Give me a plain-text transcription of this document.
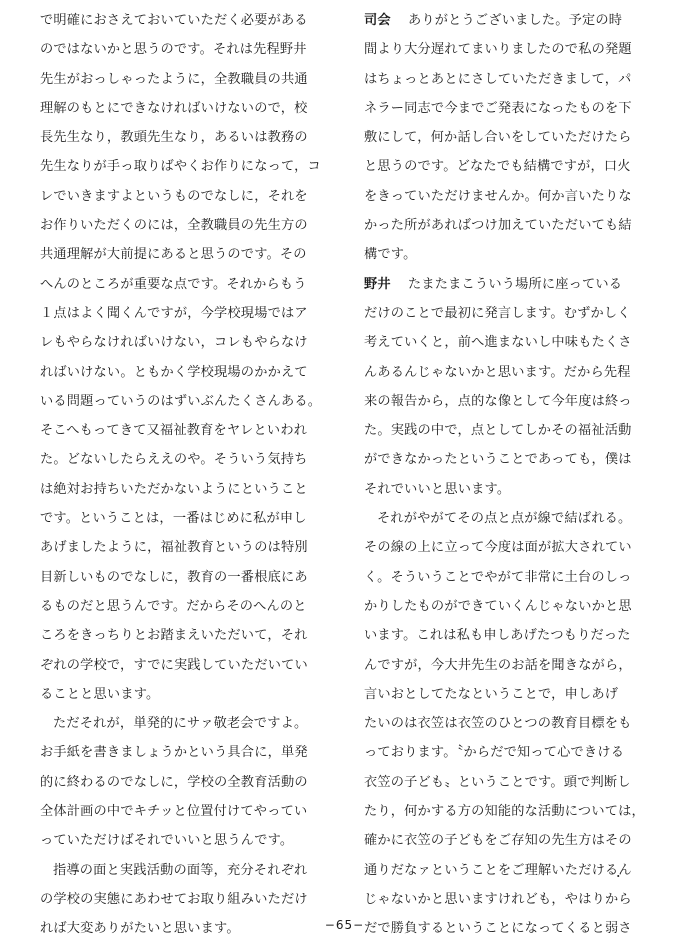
で明確におさえておいていただく必要がある
のではないかと思うのです。それは先程野井
先生がおっしゃったように，全教職員の共通
理解のもとにできなければいけないので，校
長先生なり，教頭先生なり，あるいは教務の
先生なりが手っ取りばやくお作りになって，コ
レでいきますよというものでなしに，それを
お作りいただくのには，全教職員の先生方の
共通理解が大前提にあると思うのです。その
へんのところが重要な点です。それからもう
１点はよく聞くんですが，今学校現場ではア
レもやらなければいけない，コレもやらなけ
ればいけない。ともかく学校現場のかかえて
いる問題っていうのはずいぶんたくさんある。
そこへもってきて又福祉教育をヤレといわれ
た。どないしたらええのや。そういう気持ち
は絶対お持ちいただかないようにということ
です。ということは，一番はじめに私が申し
あげましたように，福祉教育というのは特別
目新しいものでなしに，教育の一番根底にあ
るものだと思うんです。だからそのへんのと
ころをきっちりとお踏まえいただいて，それ
ぞれの学校で，すでに実践していただいてい
ることと思います。
ただそれが，単発的にサァ敬老会ですよ。
お手紙を書きましょうかという具合に，単発
的に終わるのでなしに，学校の全教育活動の
全体計画の中でキチッと位置付けてやってい
っていただけばそれでいいと思うんです。
指導の面と実践活動の面等，充分それぞれ
の学校の実態にあわせてお取り組みいただけ
れば大変ありがたいと思います。
司会 ありがとうございました。予定の時
間より大分遅れてまいりましたので私の発題
はちょっとあとにさしていただきまして，パ
ネラー同志で今までご発表になったものを下
敷にして，何か話し合いをしていただけたら
と思うのです。どなたでも結構ですが，口火
をきっていただけませんか。何か言いたりな
かった所があればつけ加えていただいても結
構です。
野井 たまたまこういう場所に座っている
だけのことで最初に発言します。むずかしく
考えていくと，前へ進まないし中味もたくさ
んあるんじゃないかと思います。だから先程
来の報告から，点的な像として今年度は終っ
た。実践の中で，点としてしかその福祉活動
ができなかったということであっても，僕は
それでいいと思います。
それがやがてその点と点が線で結ばれる。
その線の上に立って今度は面が拡大されてい
く。そういうことでやがて非常に土台のしっ
かりしたものができていくんじゃないかと思
います。これは私も申しあげたつもりだった
んですが，今大井先生のお話を聞きながら，
言いおとしてたなということで，申しあげ
たいのは衣笠は衣笠のひとつの教育目標をも
っております。〝からだで知って心できける
衣笠の子ども〟ということです。頭で判断し
たり，何かする方の知能的な活動については，
確かに衣笠の子どもをご存知の先生方はその
通りだなァということをご理解いただけるん
じゃないかと思いますけれども，やはり・ から
だで勝負するということになってくると弱さ
−65−
